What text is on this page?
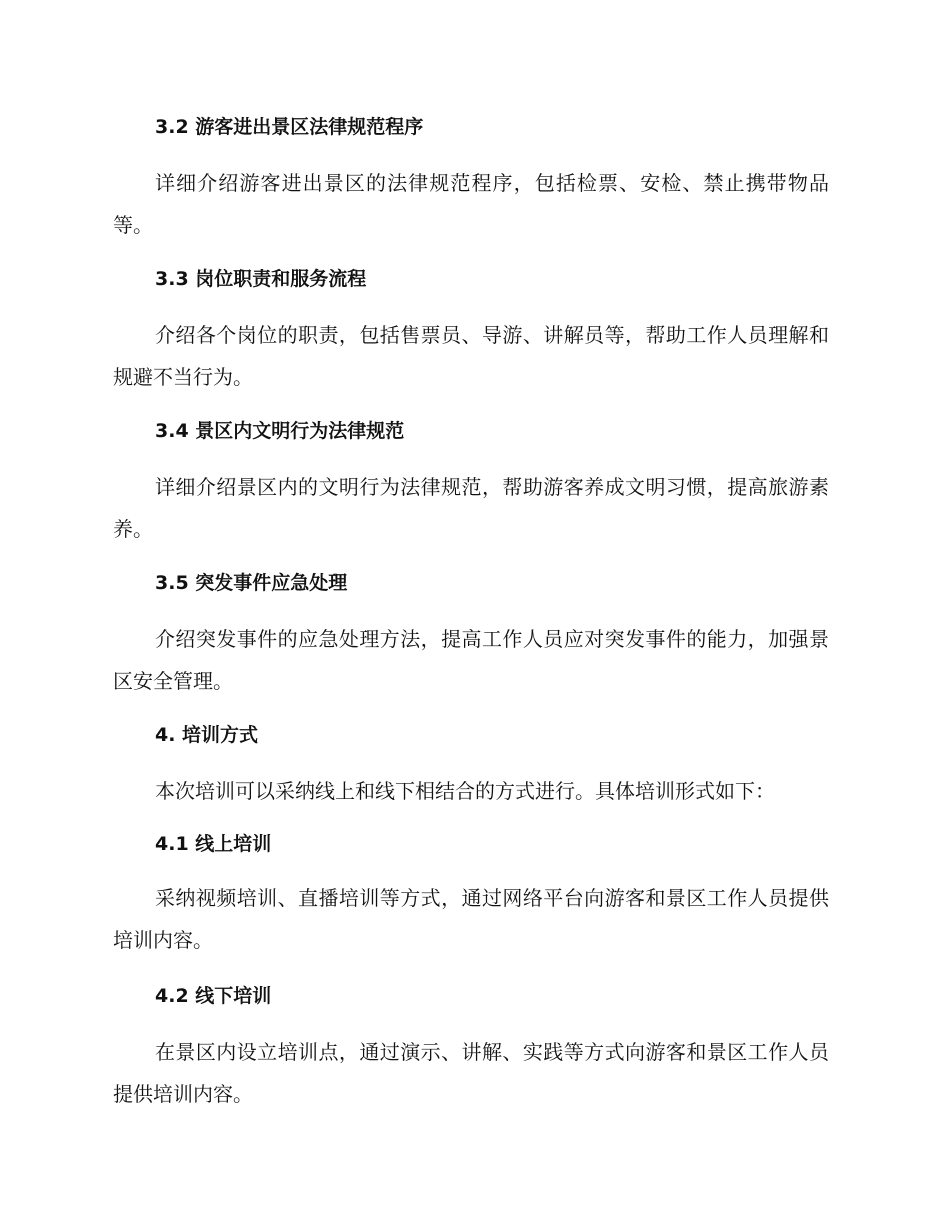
3.2 游客进出景区法律规范程序

详细介绍游客进出景区的法律规范程序，包括检票、安检、禁止携带物品等。

3.3 岗位职责和服务流程

介绍各个岗位的职责，包括售票员、导游、讲解员等，帮助工作人员理解和规避不当行为。

3.4 景区内文明行为法律规范

详细介绍景区内的文明行为法律规范，帮助游客养成文明习惯，提高旅游素养。

3.5 突发事件应急处理

介绍突发事件的应急处理方法，提高工作人员应对突发事件的能力，加强景区安全管理。

4. 培训方式

本次培训可以采纳线上和线下相结合的方式进行。具体培训形式如下：

4.1 线上培训

采纳视频培训、直播培训等方式，通过网络平台向游客和景区工作人员提供培训内容。

4.2 线下培训

在景区内设立培训点，通过演示、讲解、实践等方式向游客和景区工作人员提供培训内容。
